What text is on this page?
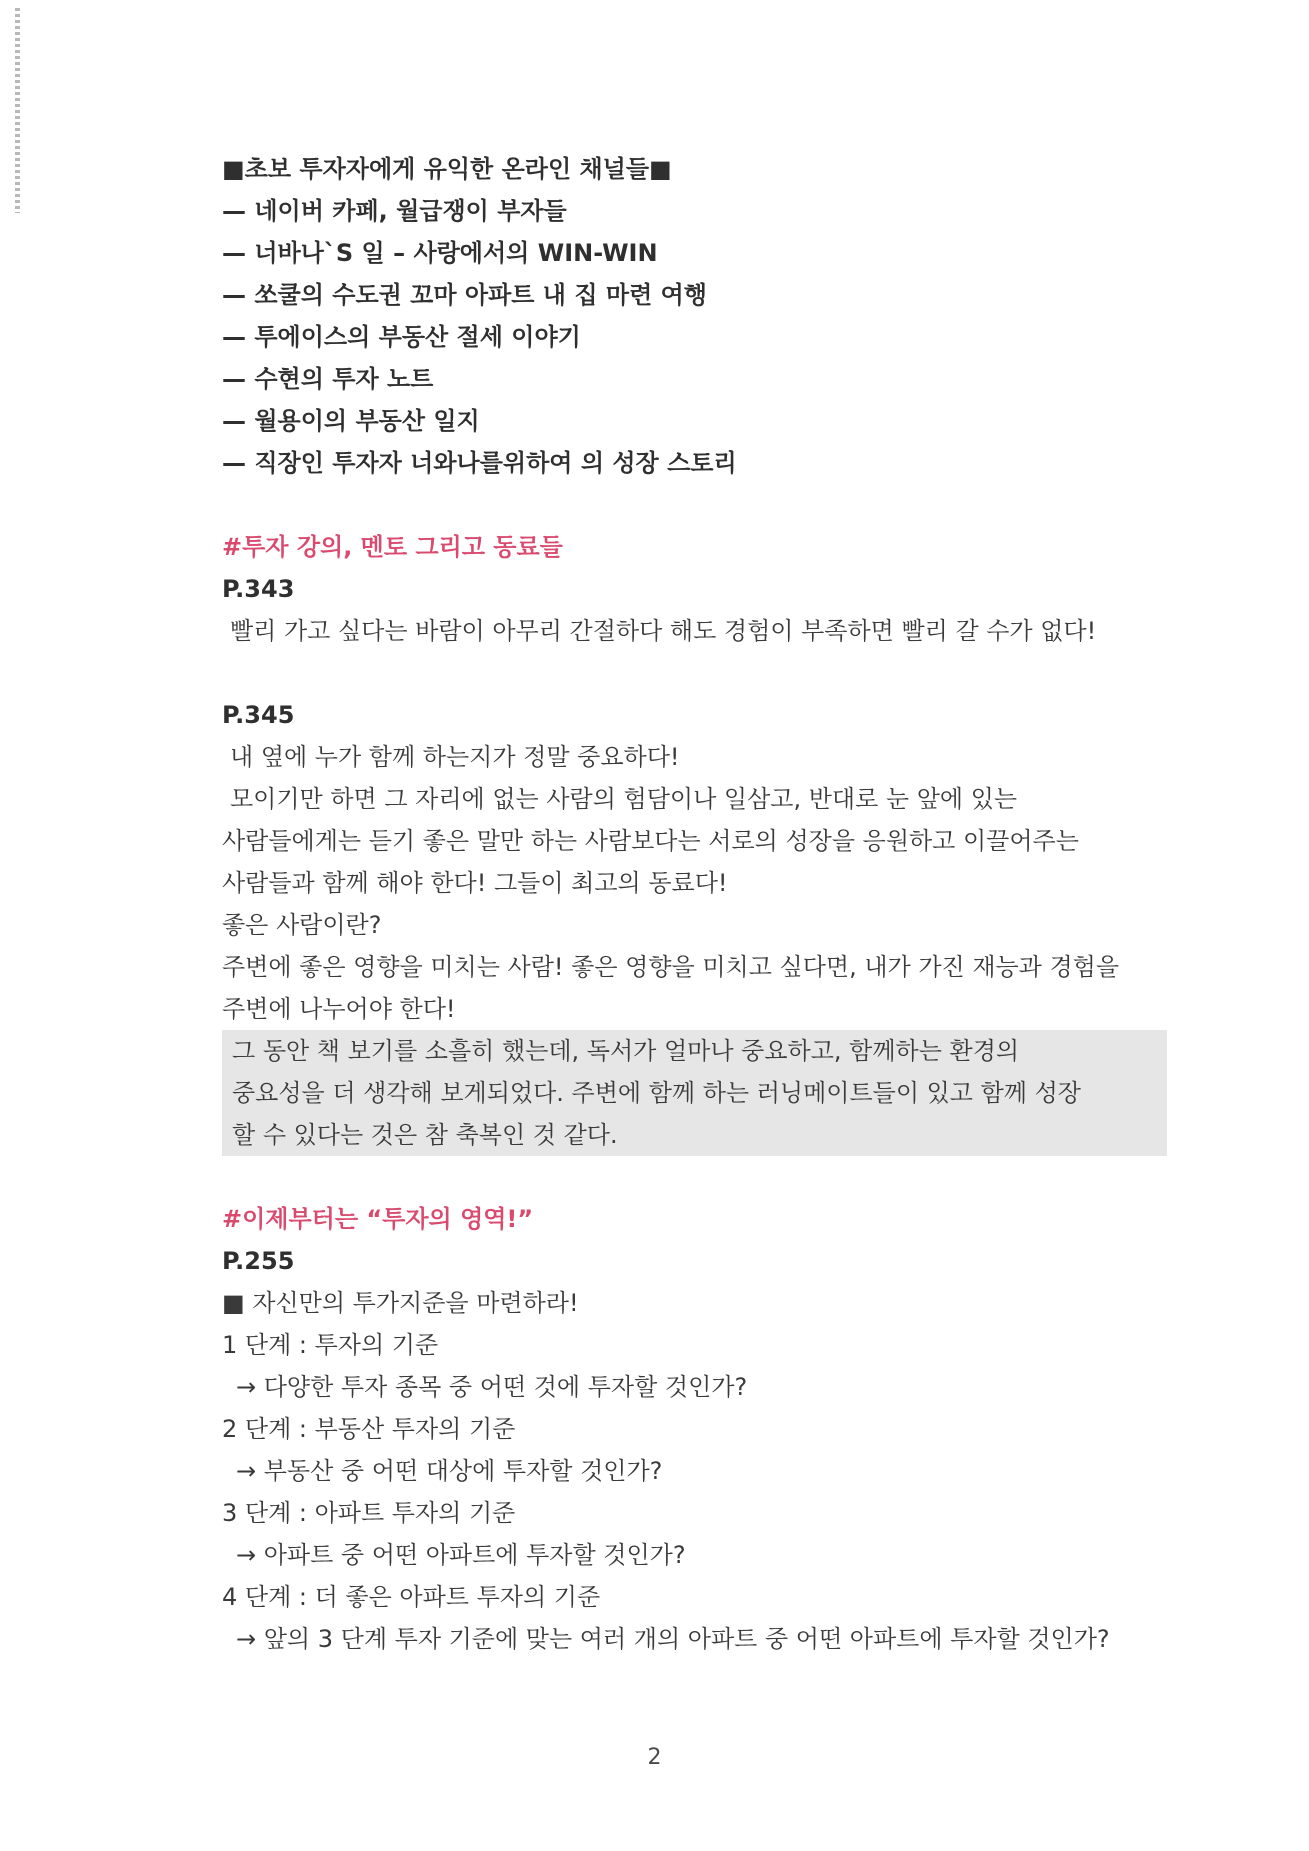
■초보 투자자에게 유익한 온라인 채널들■
— 네이버 카페, 월급쟁이 부자들
— 너바나`S 일 – 사랑에서의 WIN-WIN
— 쏘쿨의 수도권 꼬마 아파트 내 집 마련 여행
— 투에이스의 부동산 절세 이야기
— 수현의 투자 노트
— 월용이의 부동산 일지
— 직장인 투자자 너와나를위하여 의 성장 스토리
#투자 강의, 멘토 그리고 동료들
P.343
빨리 가고 싶다는 바람이 아무리 간절하다 해도 경험이 부족하면 빨리 갈 수가 없다!
P.345
내 옆에 누가 함께 하는지가 정말 중요하다!
모이기만 하면 그 자리에 없는 사람의 험담이나 일삼고, 반대로 눈 앞에 있는
사람들에게는 듣기 좋은 말만 하는 사람보다는 서로의 성장을 응원하고 이끌어주는
사람들과 함께 해야 한다! 그들이 최고의 동료다!
좋은 사람이란?
주변에 좋은 영향을 미치는 사람! 좋은 영향을 미치고 싶다면, 내가 가진 재능과 경험을
주변에 나누어야 한다!
그 동안 책 보기를 소흘히 했는데, 독서가 얼마나 중요하고, 함께하는 환경의
중요성을 더 생각해 보게되었다. 주변에 함께 하는 러닝메이트들이 있고 함께 성장
할 수 있다는 것은 참 축복인 것 같다.
#이제부터는 “투자의 영역!”
P.255
■ 자신만의 투가지준을 마련하라!
1 단계 : 투자의 기준
→ 다양한 투자 종목 중 어떤 것에 투자할 것인가?
2 단계 : 부동산 투자의 기준
→ 부동산 중 어떤 대상에 투자할 것인가?
3 단계 : 아파트 투자의 기준
→ 아파트 중 어떤 아파트에 투자할 것인가?
4 단계 : 더 좋은 아파트 투자의 기준
→ 앞의 3 단계 투자 기준에 맞는 여러 개의 아파트 중 어떤 아파트에 투자할 것인가?
2
